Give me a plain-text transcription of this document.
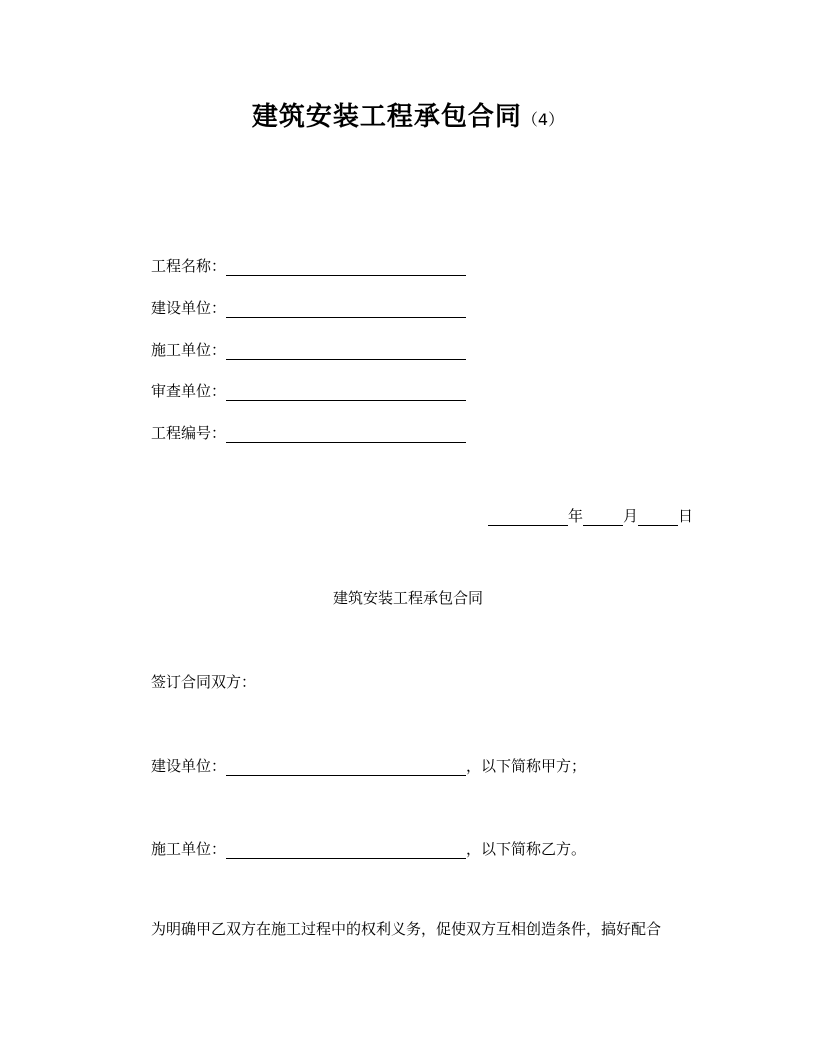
建筑安装工程承包合同（4）
工程名称：
建设单位：
施工单位：
审查单位：
工程编号：
年	月	日
建筑安装工程承包合同
签订合同双方：
建设单位：	，以下简称甲方；
施工单位：	，以下简称乙方。
为明确甲乙双方在施工过程中的权利义务，促使双方互相创造条件，搞好配合
